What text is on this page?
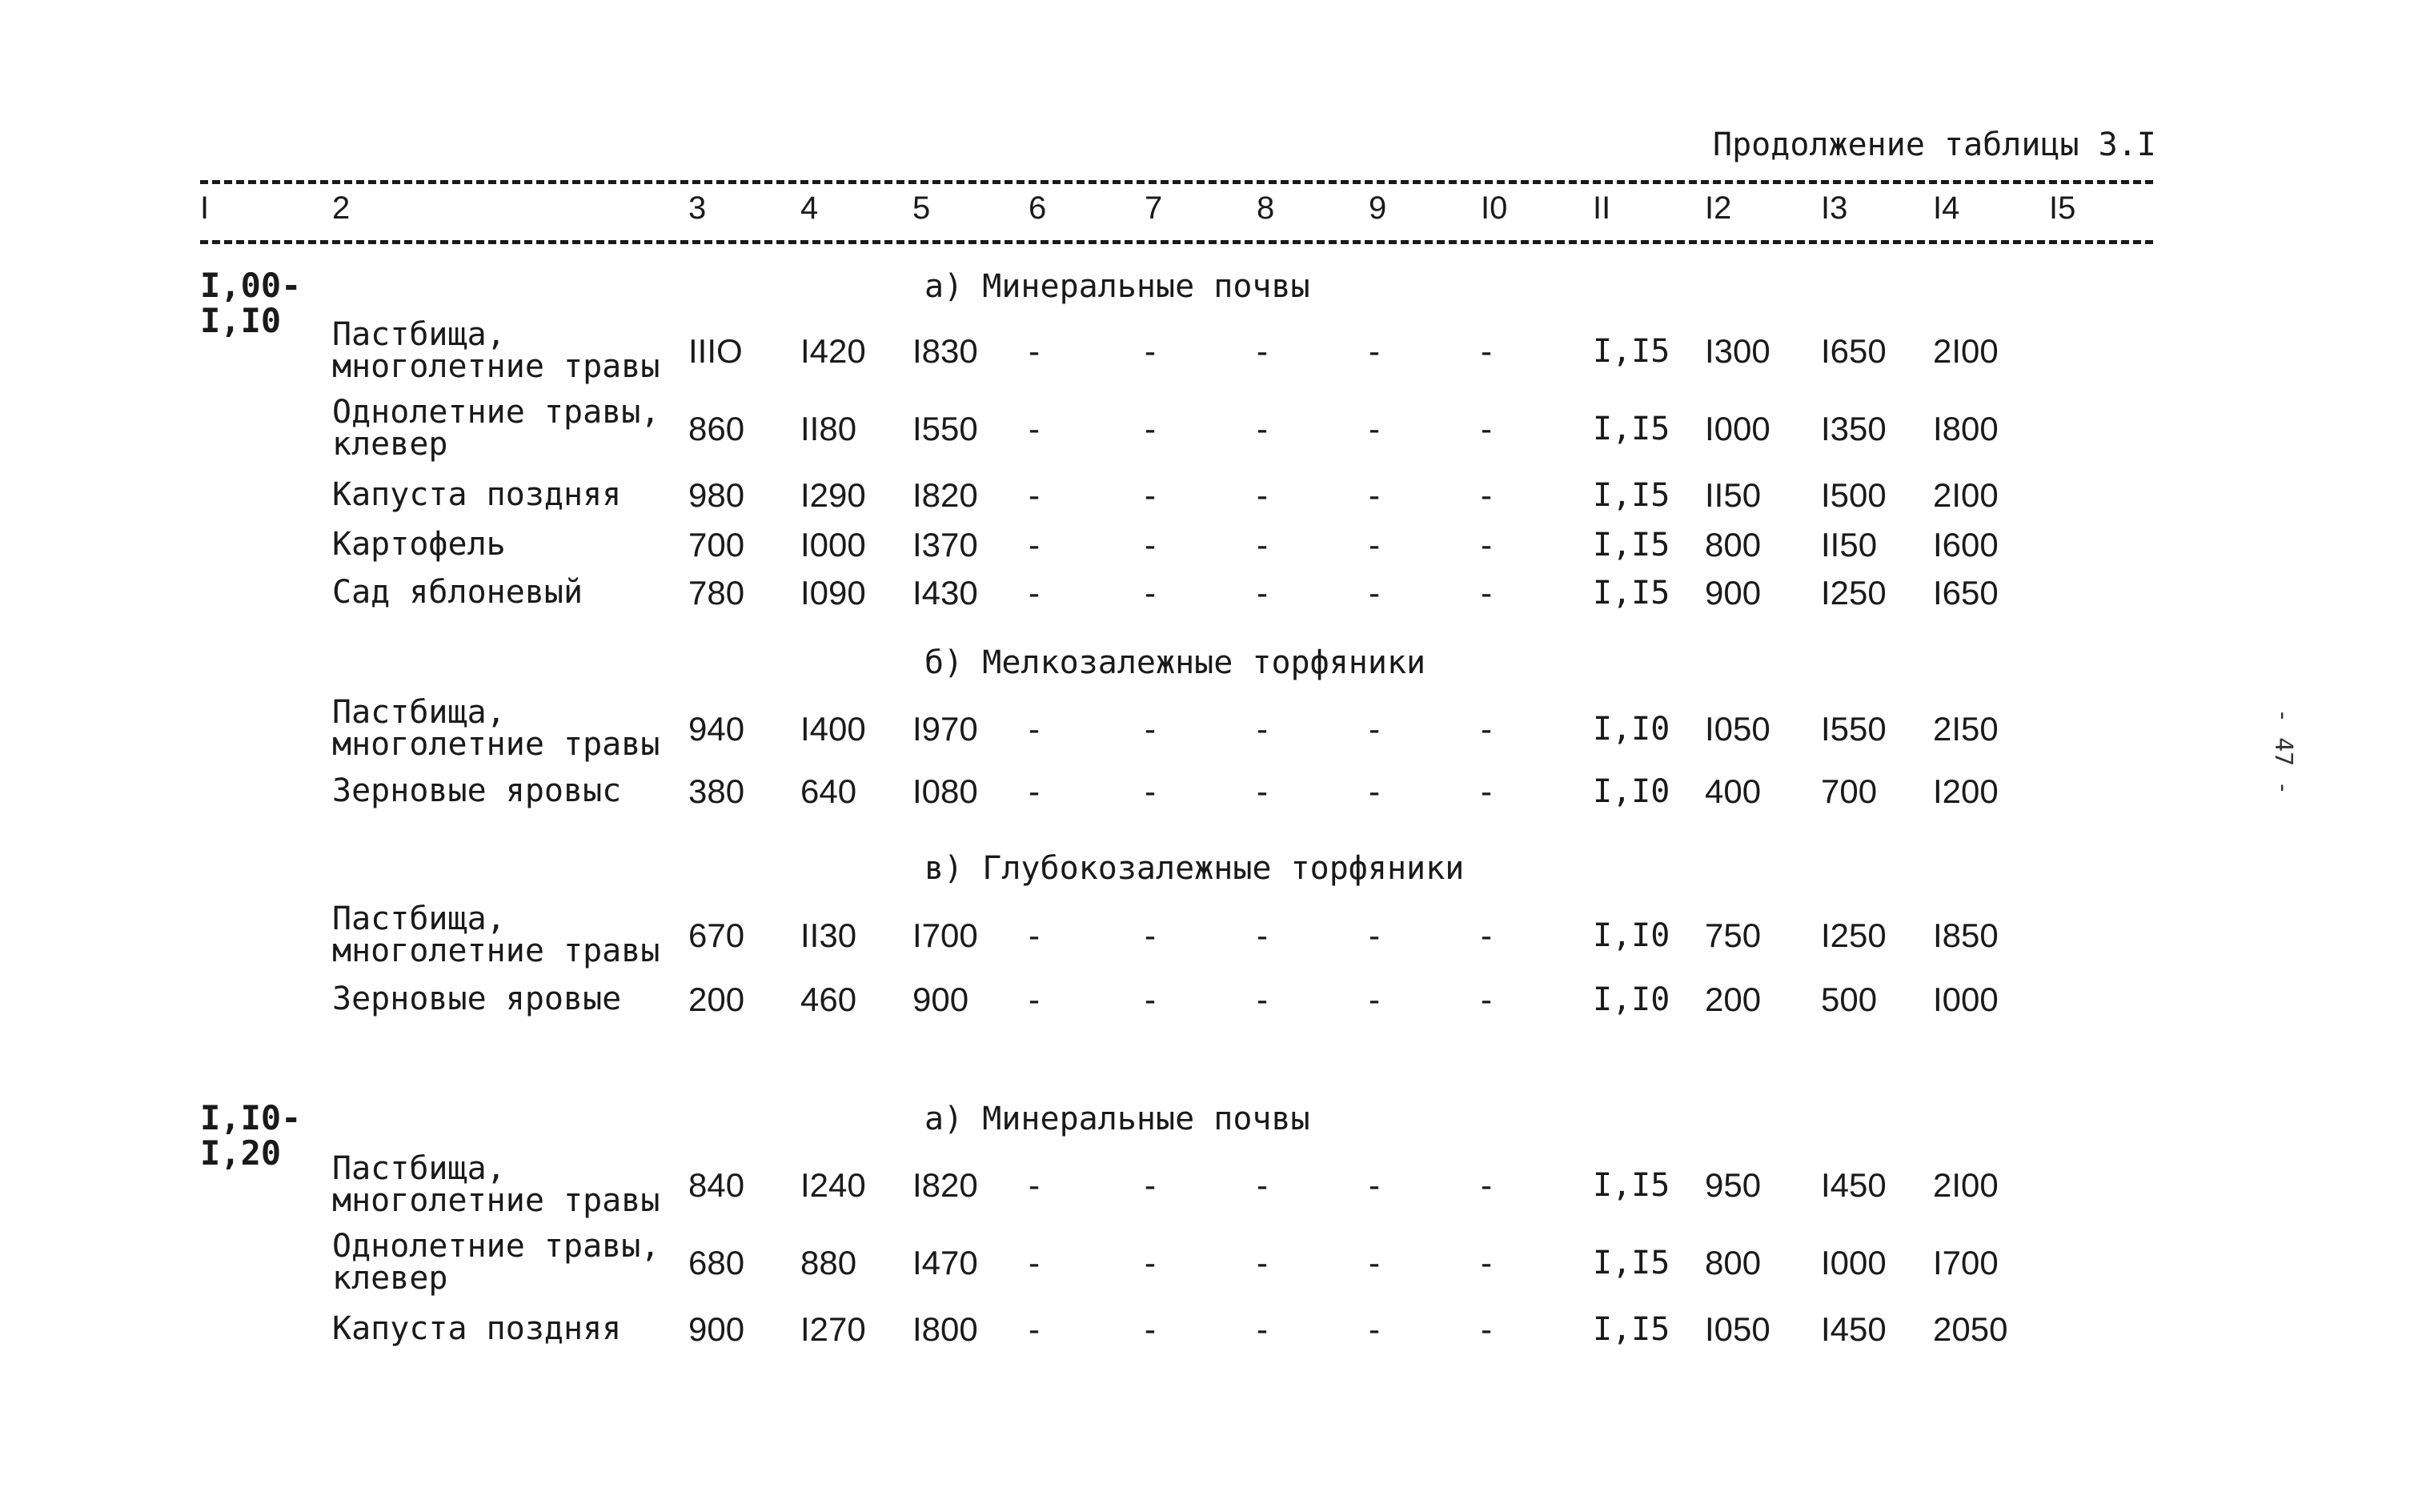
Продолжение таблицы 3.I
I	2	3	4	5	6	7	8	9	I0	II	I2	I3	I4	I5
I,00-
I,I0
а) Минеральные почвы
Пастбища,
многолетние травы IIIO I420 I830 -	-	-	-	-	I,I5 I300 I650 2I00
Однолетние травы,
клевер	860 II80 I550 -	-	-	-	-	I,I5 I000 I350 I800
Капуста поздняя 980 I290 I820 -	-	-	-	-	I,I5 II50 I500 2I00
Картофель	700 I000 I370 -	-	-	-	-	I,I5 800 II50 I600
Сад яблоневый	780 I090 I430 -	-	-	-	-	I,I5 900 I250 I650
б) Мелкозалежные торфяники
Пастбища,
многолетние травы 940 I400 I970 -	-	-	-	-	I,I0 I050 I550 2I50
Зерновые яровыс 380 640 I080 -	-	-	-	-	I,I0 400 700 I200
в) Глубокозалежные торфяники
Пастбища,
многолетние травы 670 II30 I700 -	-	-	-	-	I,I0 750 I250 I850
Зерновые яровые 200 460 900 -	-	-	-	-	I,I0 200 500 I000
I,I0-
I,20
а) Минеральные почвы
Пастбища,
многолетние травы 840 I240 I820 -	-	-	-	-	I,I5 950 I450 2I00
Однолетние травы,
клевер	680 880 I470 -	-	-	-	-	I,I5 800 I000 I700
Капуста поздняя 900 I270 I800 -	-	-	-	-	I,I5 I050 I450 2050
- 47 -
